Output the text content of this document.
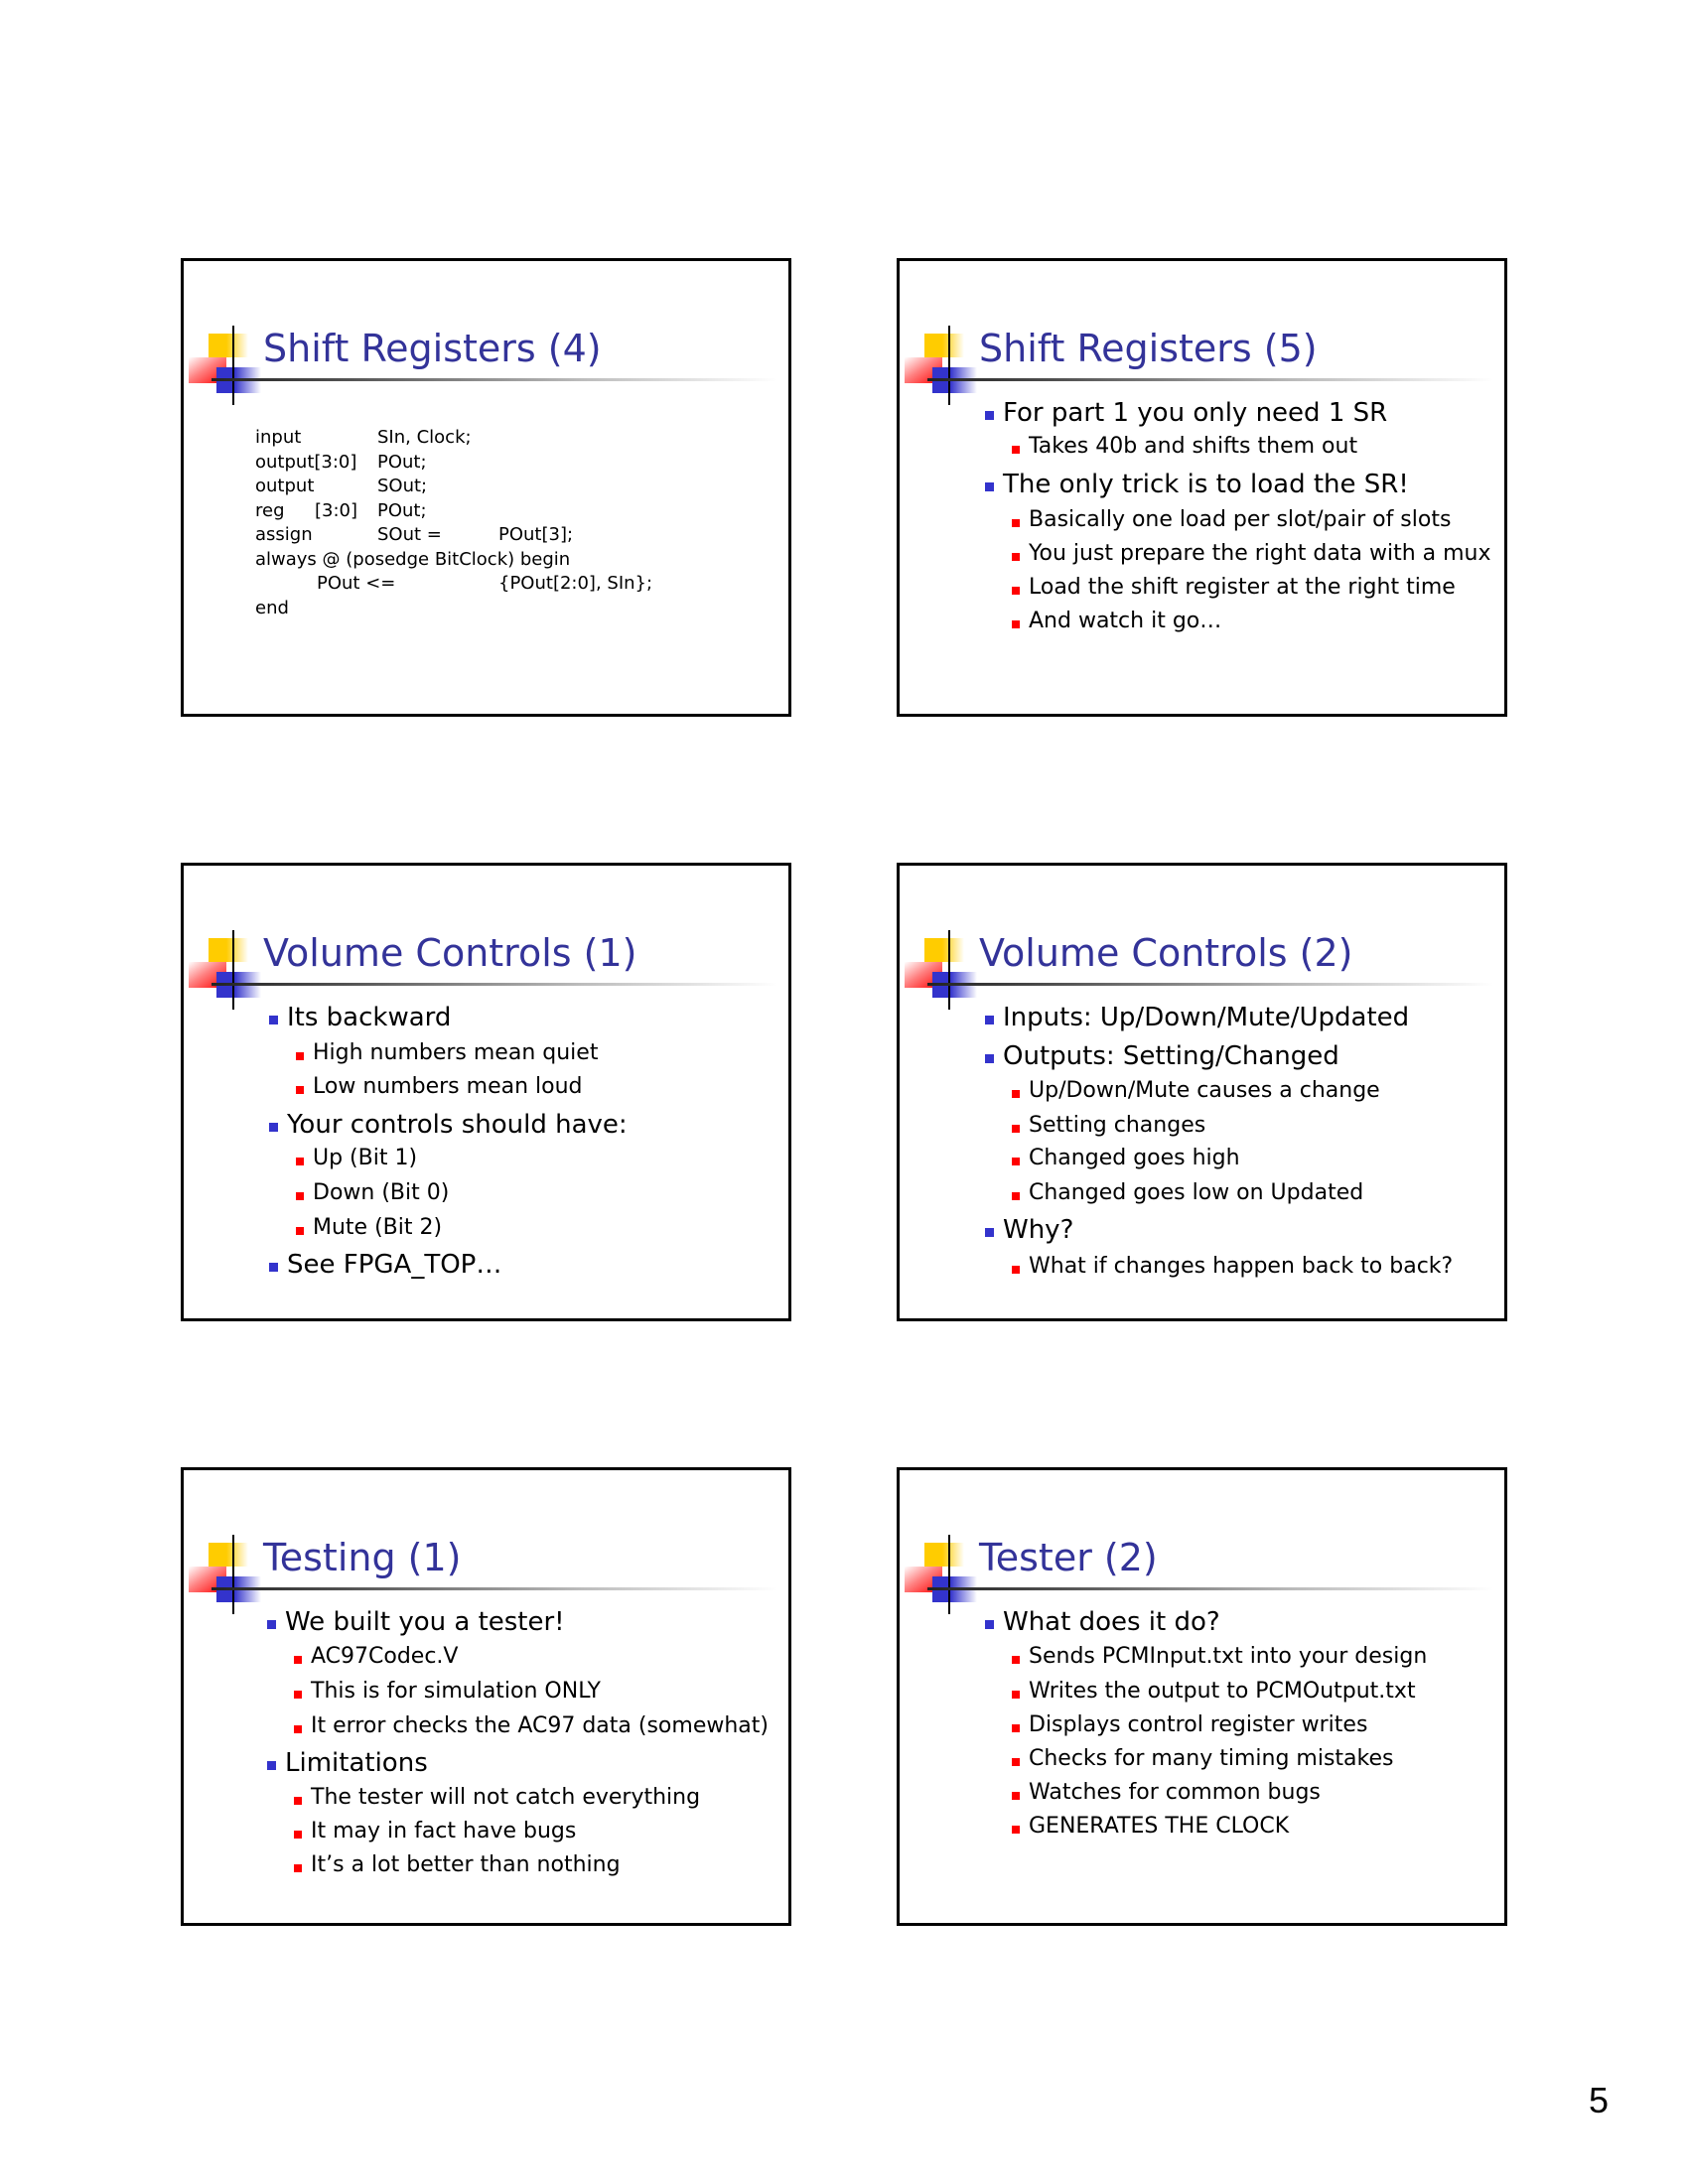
Shift Registers (4)
input	SIn, Clock;
output[3:0] POut;
output	SOut;
reg [3:0] POut;
assign	SOut =	POut[3];
always @ (posedge BitClock) begin
POut <=	{POut[2:0], SIn};
end
Shift Registers (5)
For part 1 you only need 1 SR
Takes 40b and shifts them out
The only trick is to load the SR!
Basically one load per slot/pair of slots
You just prepare the right data with a mux
Load the shift register at the right time
And watch it go…
Volume Controls (1)
Its backward
High numbers mean quiet
Low numbers mean loud
Your controls should have:
Up (Bit 1)
Down (Bit 0)
Mute (Bit 2)
See FPGA_TOP…
Volume Controls (2)
Inputs: Up/Down/Mute/Updated
Outputs: Setting/Changed
Up/Down/Mute causes a change
Setting changes
Changed goes high
Changed goes low on Updated
Why?
What if changes happen back to back?
Testing (1)
We built you a tester!
AC97Codec.V
This is for simulation ONLY
It error checks the AC97 data (somewhat)
Limitations
The tester will not catch everything
It may in fact have bugs
It’s a lot better than nothing
Tester (2)
What does it do?
Sends PCMInput.txt into your design
Writes the output to PCMOutput.txt
Displays control register writes
Checks for many timing mistakes
Watches for common bugs
GENERATES THE CLOCK
5
